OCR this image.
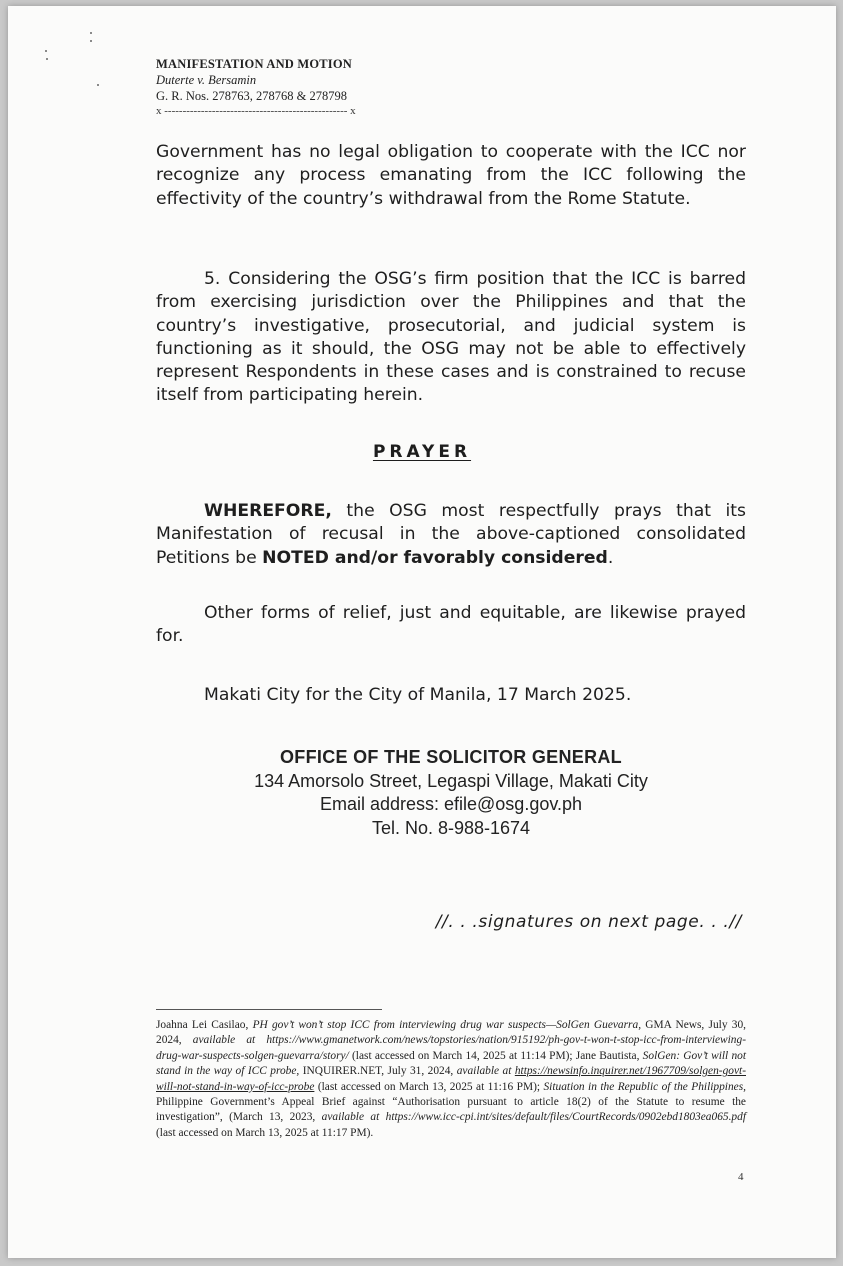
MANIFESTATION AND MOTION
Duterte v. Bersamin
G. R. Nos. 278763, 278768 & 278798
x -------------------------------------------------- x
Government has no legal obligation to cooperate with the ICC nor recognize any process emanating from the ICC following the effectivity of the country’s withdrawal from the Rome Statute.
5. Considering the OSG’s firm position that the ICC is barred from exercising jurisdiction over the Philippines and that the country’s investigative, prosecutorial, and judicial system is functioning as it should, the OSG may not be able to effectively represent Respondents in these cases and is constrained to recuse itself from participating herein.
PRAYER
WHEREFORE, the OSG most respectfully prays that its Manifestation of recusal in the above-captioned consolidated Petitions be NOTED and/or favorably considered.
Other forms of relief, just and equitable, are likewise prayed for.
Makati City for the City of Manila, 17 March 2025.
OFFICE OF THE SOLICITOR GENERAL
134 Amorsolo Street, Legaspi Village, Makati City
Email address: efile@osg.gov.ph
Tel. No. 8-988-1674
//. . .signatures on next page. . .//
Joahna Lei Casilao, PH gov’t won’t stop ICC from interviewing drug war suspects—SolGen Guevarra, GMA News, July 30, 2024, available at https://www.gmanetwork.com/news/topstories/nation/915192/ph-gov-t-won-t-stop-icc-from-interviewing-drug-war-suspects-solgen-guevarra/story/ (last accessed on March 14, 2025 at 11:14 PM); Jane Bautista, SolGen: Gov’t will not stand in the way of ICC probe, INQUIRER.NET, July 31, 2024, available at https://newsinfo.inquirer.net/1967709/solgen-govt-will-not-stand-in-way-of-icc-probe (last accessed on March 13, 2025 at 11:16 PM); Situation in the Republic of the Philippines, Philippine Government’s Appeal Brief against “Authorisation pursuant to article 18(2) of the Statute to resume the investigation”, (March 13, 2023, available at https://www.icc-cpi.int/sites/default/files/CourtRecords/0902ebd1803ea065.pdf (last accessed on March 13, 2025 at 11:17 PM).
4
